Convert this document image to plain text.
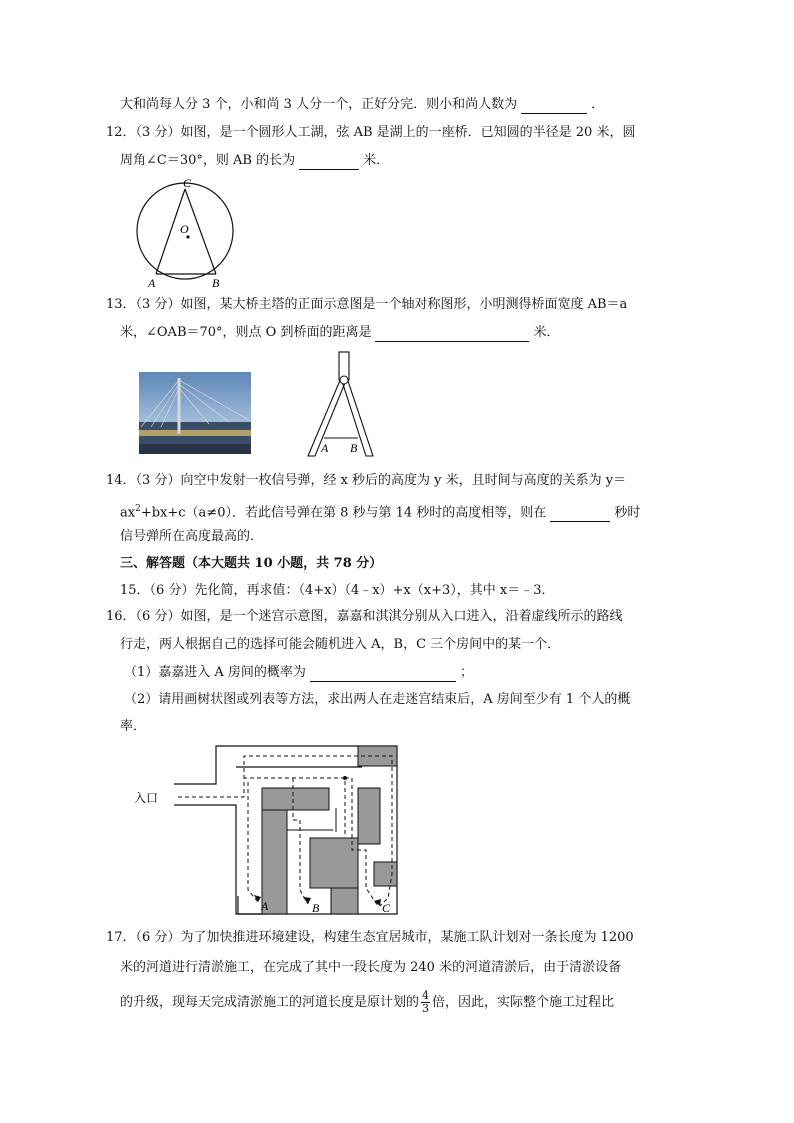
大和尚每人分 3 个，小和尚 3 人分一个，正好分完．则小和尚人数为	．
12．（3 分）如图，是一个圆形人工湖，弦 AB 是湖上的一座桥．已知圆的半径是 20 米，圆
周角∠C＝30°，则 AB 的长为	米．
C
O
A	B
13．（3 分）如图，某大桥主塔的正面示意图是一个轴对称图形，小明测得桥面宽度 AB＝a
米，∠OAB＝70°，则点 O 到桥面的距离是	米．
A B
14．（3 分）向空中发射一枚信号弹，经 x 秒后的高度为 y 米，且时间与高度的关系为 y＝
$ax^2+bx+c(a\ne 0)$．若此信号弹在第 8 秒与第 14 秒时的高度相等，则在	秒时
信号弹所在高度最高的．
三、解答题（本大题共 10 小题，共 78 分）
15．（6 分）先化简，再求值：（4+x）（4﹣x）+x（x+3），其中 x＝﹣3．
16．（6 分）如图，是一个迷宫示意图，嘉嘉和淇淇分别从入口进入，沿着虚线所示的路线
行走，两人根据自己的选择可能会随机进入 A，B，C 三个房间中的某一个．
（1）嘉嘉进入 A 房间的概率为	；
（2）请用画树状图或列表等方法，求出两人在走迷宫结束后，A 房间至少有 1 个人的概
率．
入口
A	B	C
17．（6 分）为了加快推进环境建设，构建生态宜居城市，某施工队计划对一条长度为 1200
米的河道进行清淤施工，在完成了其中一段长度为 240 米的河道清淤后，由于清淤设备
的升级，现每天完成清淤施工的河道长度是原计划的 $\frac{4}{3}$ 倍，因此，实际整个施工过程比
